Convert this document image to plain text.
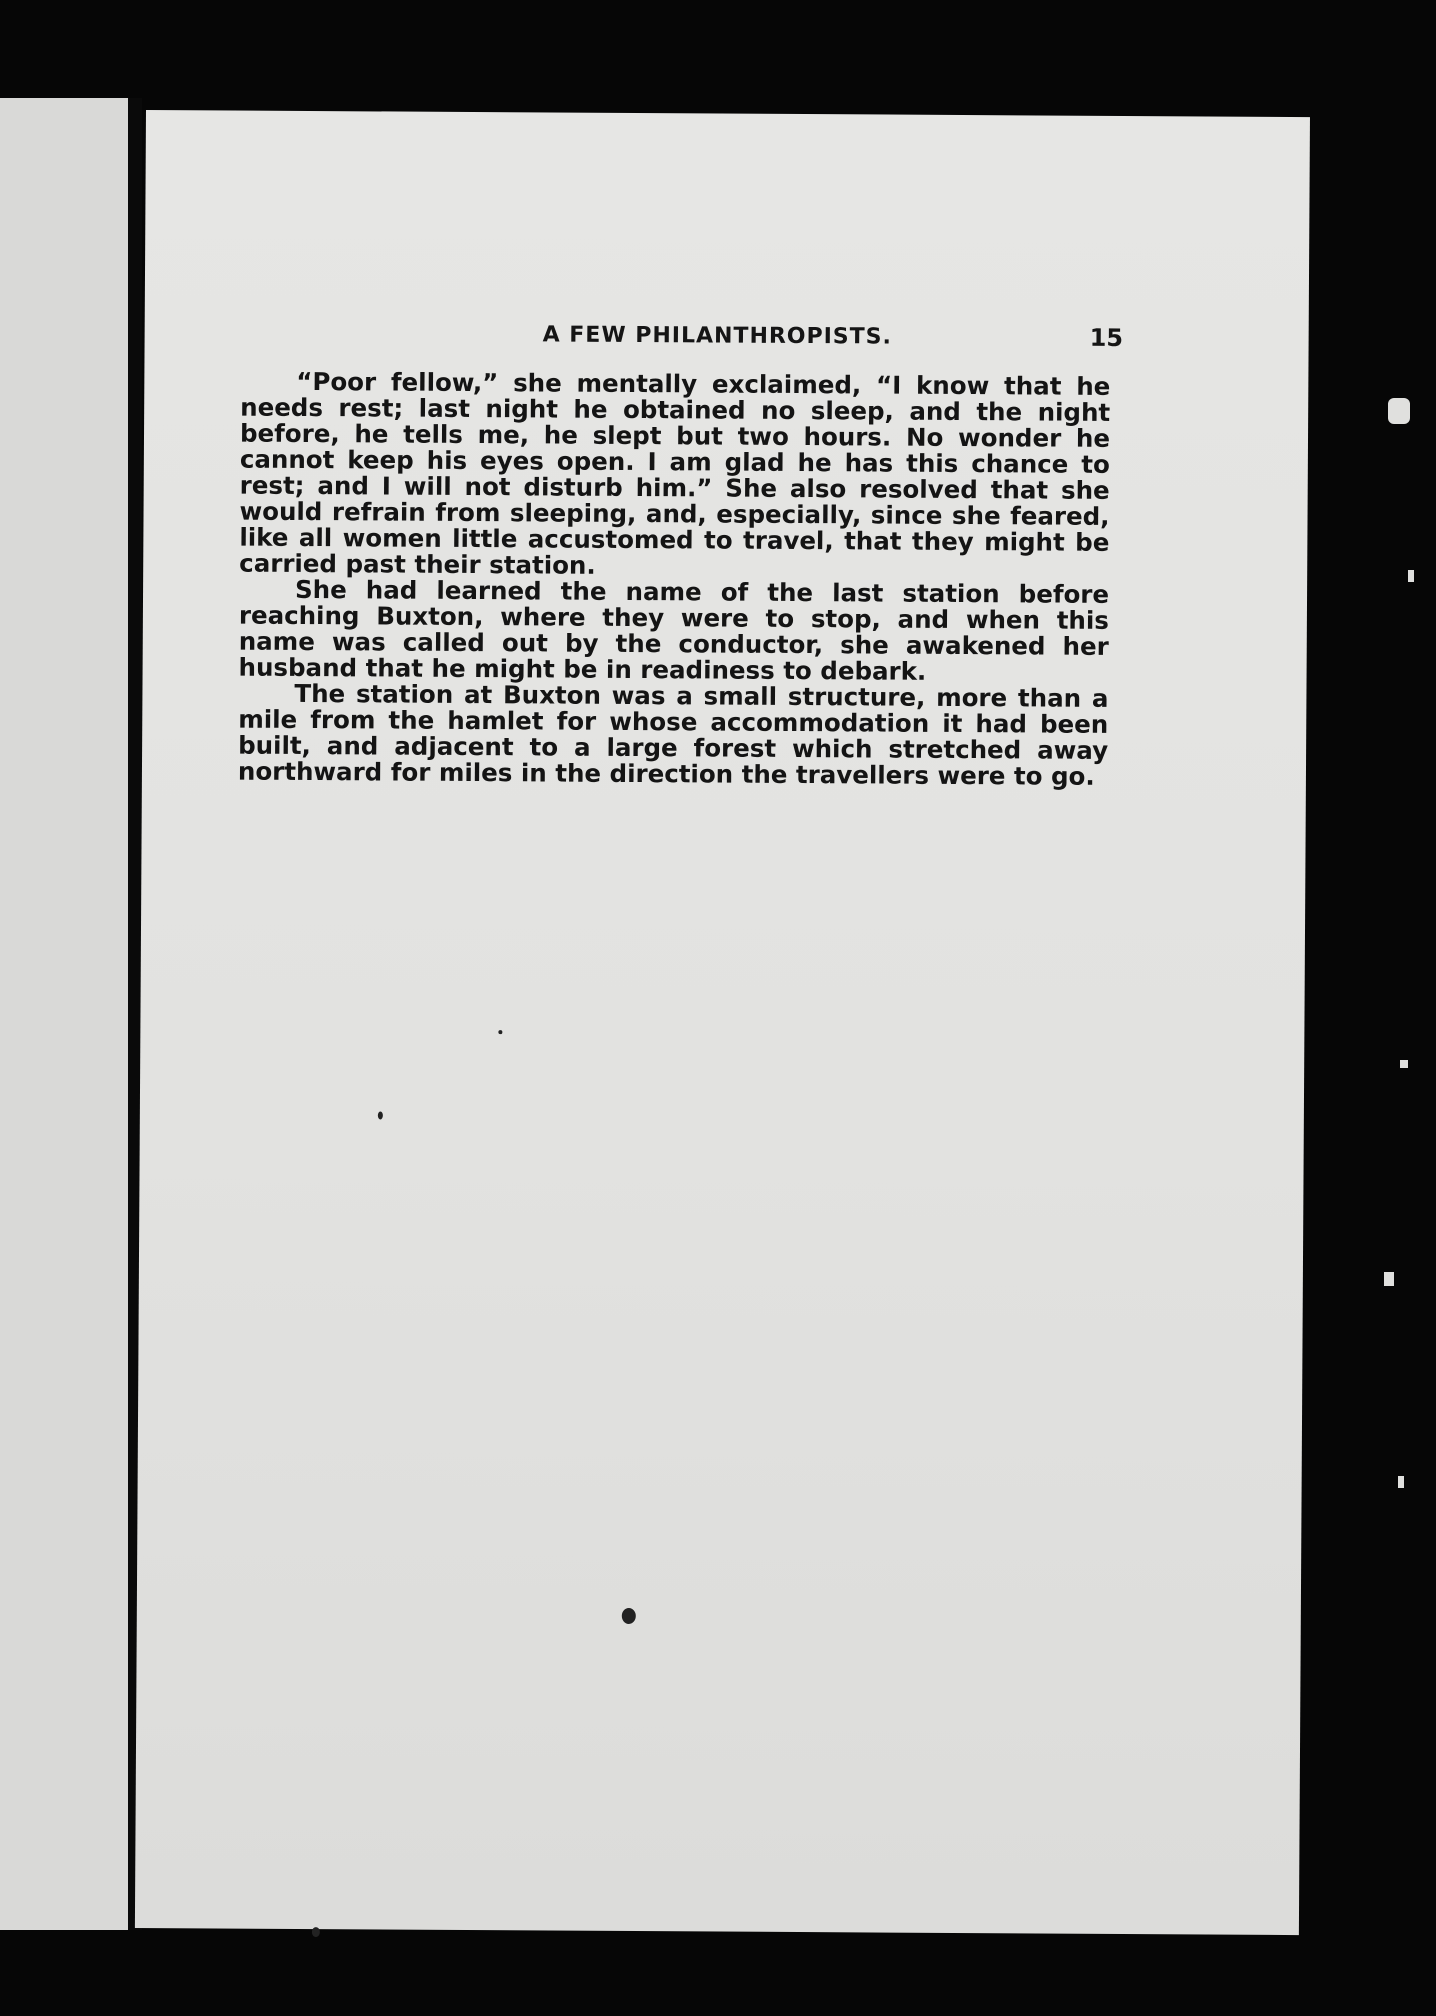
A FEW PHILANTHROPISTS.	15

“Poor fellow,” she mentally exclaimed, “I know that he needs rest; last night he obtained no sleep, and the night before, he tells me, he slept but two hours. No wonder he cannot keep his eyes open. I am glad he has this chance to rest; and I will not disturb him.” She also resolved that she would refrain from sleeping, and, especially, since she feared, like all women little accustomed to travel, that they might be carried past their station.

She had learned the name of the last station before reaching Buxton, where they were to stop, and when this name was called out by the conductor, she awakened her husband that he might be in readiness to debark.

The station at Buxton was a small structure, more than a mile from the hamlet for whose accommodation it had been built, and adjacent to a large forest which stretched away northward for miles in the direction the travellers were to go.
